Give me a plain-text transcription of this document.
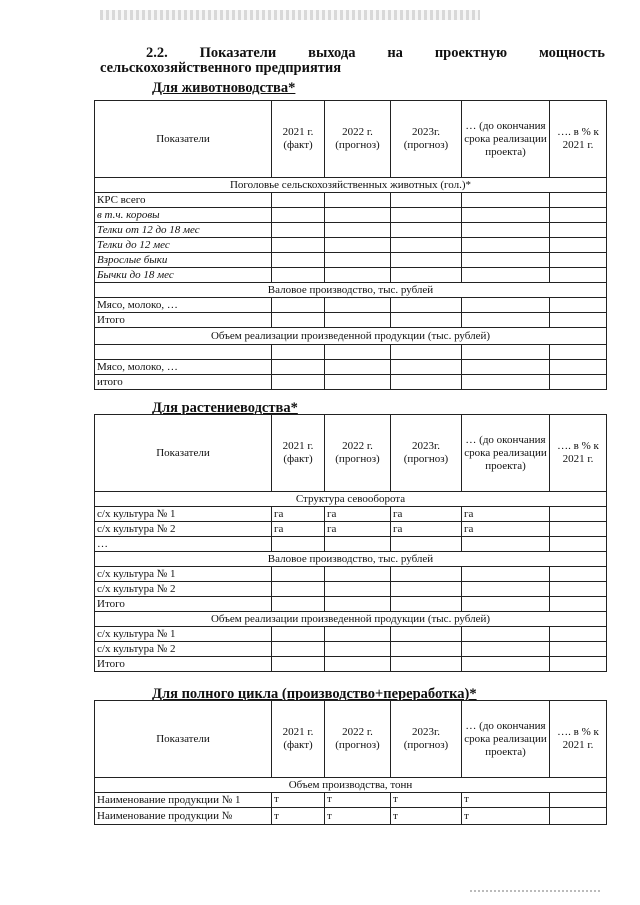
2.2. Показатели выхода на проектную мощность
сельскохозяйственного предприятия
Для животноводства*
Показатели	2021 г. (факт)	2022 г. (прогноз)	2023г. (прогноз)	… (до окончания срока реализации проекта)	…. в % к 2021 г.
Поголовье сельскохозяйственных животных (гол.)*					
КРС всего					
в т.ч. коровы					
Телки от 12 до 18 мес					
Телки до 12 мес					
Взрослые быки					
Бычки до 18 мес					
Валовое производство, тыс. рублей					
Мясо, молоко, …					
Итого					
Объем реализации произведенной продукции (тыс. рублей)					

Мясо, молоко, …					
итого					
Для растениеводства*
Показатели	2021 г. (факт)	2022 г. (прогноз)	2023г. (прогноз)	… (до окончания срока реализации проекта)	…. в % к 2021 г.
Структура севооборота					
с/х культура № 1	га	га	га	га	
с/х культура № 2	га	га	га	га	
…					
Валовое производство, тыс. рублей					
с/х культура № 1					
с/х культура № 2					
Итого					
Объем реализации произведенной продукции (тыс. рублей)					
с/х культура № 1					
с/х культура № 2					
Итого					
Для полного цикла (производство+переработка)*
Показатели	2021 г. (факт)	2022 г. (прогноз)	2023г. (прогноз)	… (до окончания срока реализации проекта)	…. в % к 2021 г.
Объем производства, тонн					
Наименование продукции № 1	т	т	т	т	
Наименование продукции №	т	т	т	т	
